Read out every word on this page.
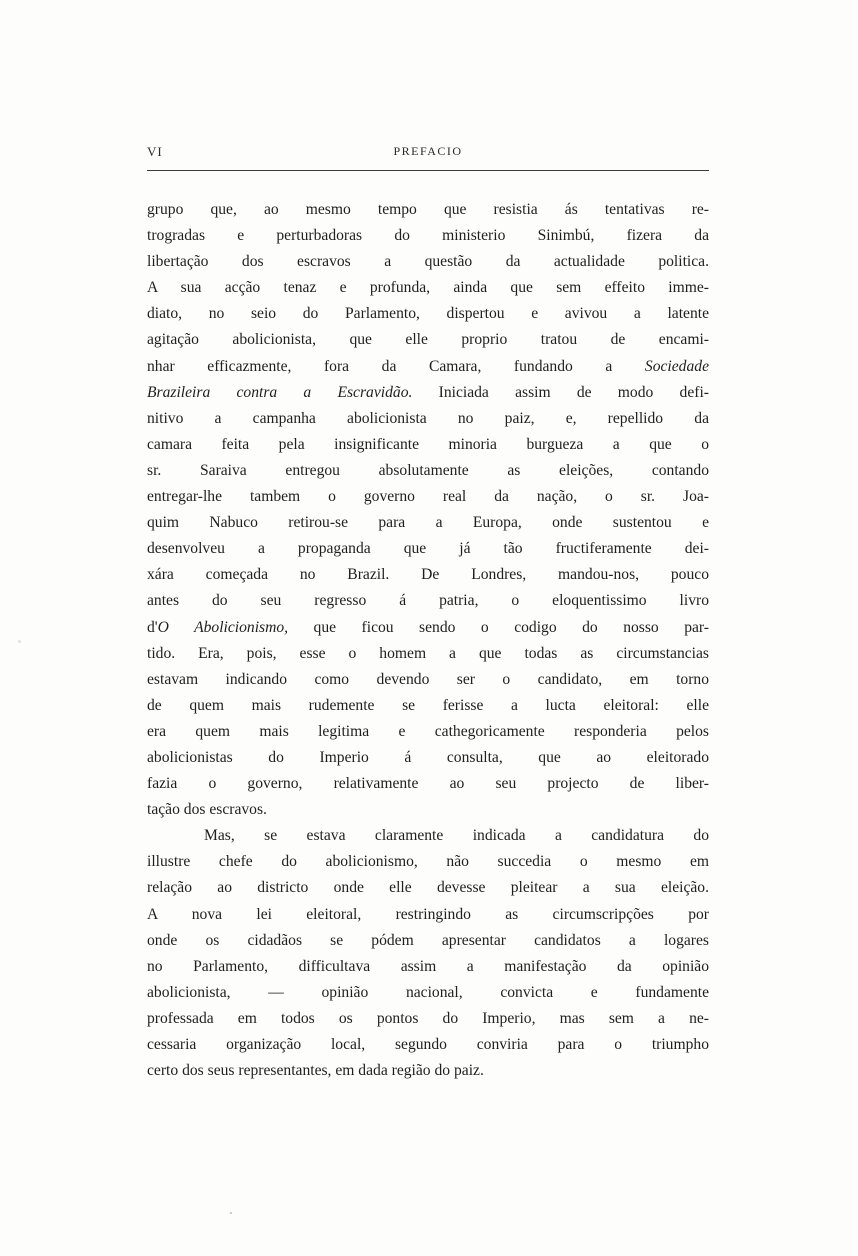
VI	PREFACIO
grupo que, ao mesmo tempo que resistia ás tentativas re-
trogradas e perturbadoras do ministerio Sinimbú, fizera da
libertação dos escravos a questão da actualidade politica.
A sua acção tenaz e profunda, ainda que sem effeito imme-
diato, no seio do Parlamento, dispertou e avivou a latente
agitação abolicionista, que elle proprio tratou de encami-
nhar efficazmente, fora da Camara, fundando a Sociedade
Brazileira contra a Escravidão. Iniciada assim de modo defi-
nitivo a campanha abolicionista no paiz, e, repellido da
camara feita pela insignificante minoria burgueza a que o
sr. Saraiva entregou absolutamente as eleições, contando
entregar-lhe tambem o governo real da nação, o sr. Joa-
quim Nabuco retirou-se para a Europa, onde sustentou e
desenvolveu a propaganda que já tão fructiferamente dei-
xára começada no Brazil. De Londres, mandou-nos, pouco
antes do seu regresso á patria, o eloquentissimo livro
d'O Abolicionismo, que ficou sendo o codigo do nosso par-
tido. Era, pois, esse o homem a que todas as circumstancias
estavam indicando como devendo ser o candidato, em torno
de quem mais rudemente se ferisse a lucta eleitoral: elle
era quem mais legitima e cathegoricamente responderia pelos
abolicionistas do Imperio á consulta, que ao eleitorado
fazia o governo, relativamente ao seu projecto de liber-
tação dos escravos.
Mas, se estava claramente indicada a candidatura do
illustre chefe do abolicionismo, não succedia o mesmo em
relação ao districto onde elle devesse pleitear a sua eleição.
A nova lei eleitoral, restringindo as circumscripções por
onde os cidadãos se pódem apresentar candidatos a logares
no Parlamento, difficultava assim a manifestação da opinião
abolicionista, — opinião nacional, convicta e fundamente
professada em todos os pontos do Imperio, mas sem a ne-
cessaria organização local, segundo conviria para o triumpho
certo dos seus representantes, em dada região do paiz.
